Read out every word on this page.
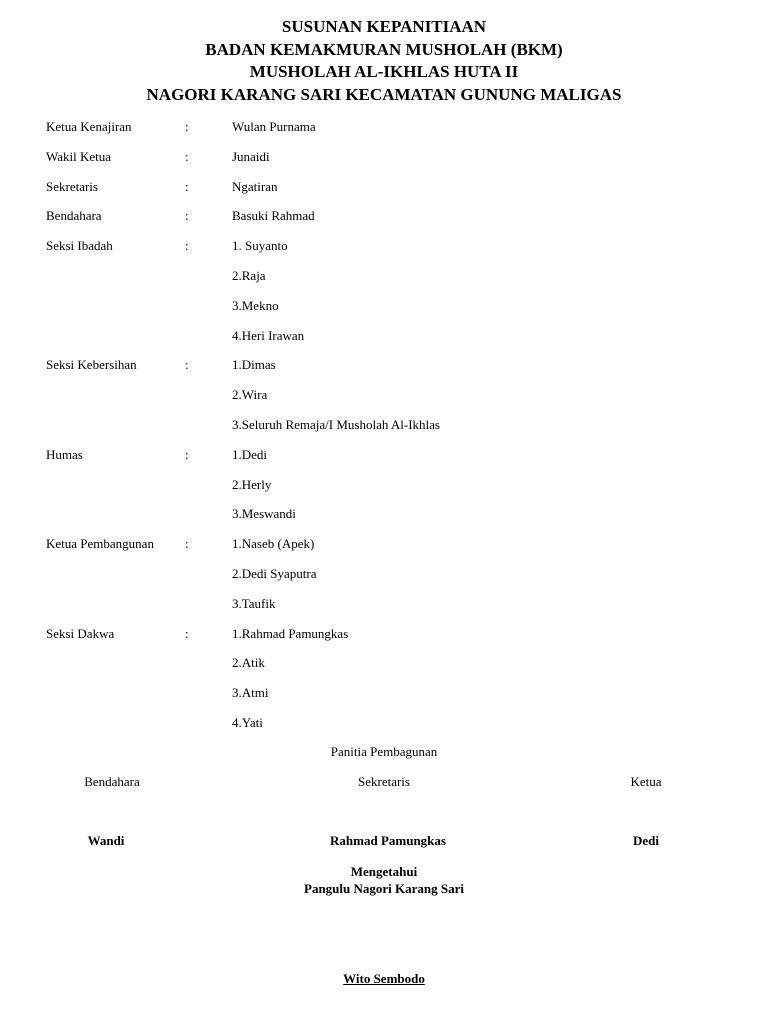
SUSUNAN KEPANITIAAN
BADAN KEMAKMURAN MUSHOLAH (BKM)
MUSHOLAH AL-IKHLAS HUTA II
NAGORI KARANG SARI KECAMATAN GUNUNG MALIGAS
Ketua Kenajiran	:	Wulan Purnama
Wakil Ketua	:	Junaidi
Sekretaris	:	Ngatiran
Bendahara	:	Basuki Rahmad
Seksi Ibadah	:	1. Suyanto
2.Raja
3.Mekno
4.Heri Irawan
Seksi Kebersihan	:	1.Dimas
2.Wira
3.Seluruh Remaja/I Musholah Al-Ikhlas
Humas	:	1.Dedi
2.Herly
3.Meswandi
Ketua Pembangunan :	1.Naseb (Apek)
2.Dedi Syaputra
3.Taufik
Seksi Dakwa	:	1.Rahmad Pamungkas
2.Atik
3.Atmi
4.Yati
Panitia Pembagunan
Bendahara	Sekretaris	Ketua
Wandi	Rahmad Pamungkas	Dedi
Mengetahui
Pangulu Nagori Karang Sari
Wito Sembodo
